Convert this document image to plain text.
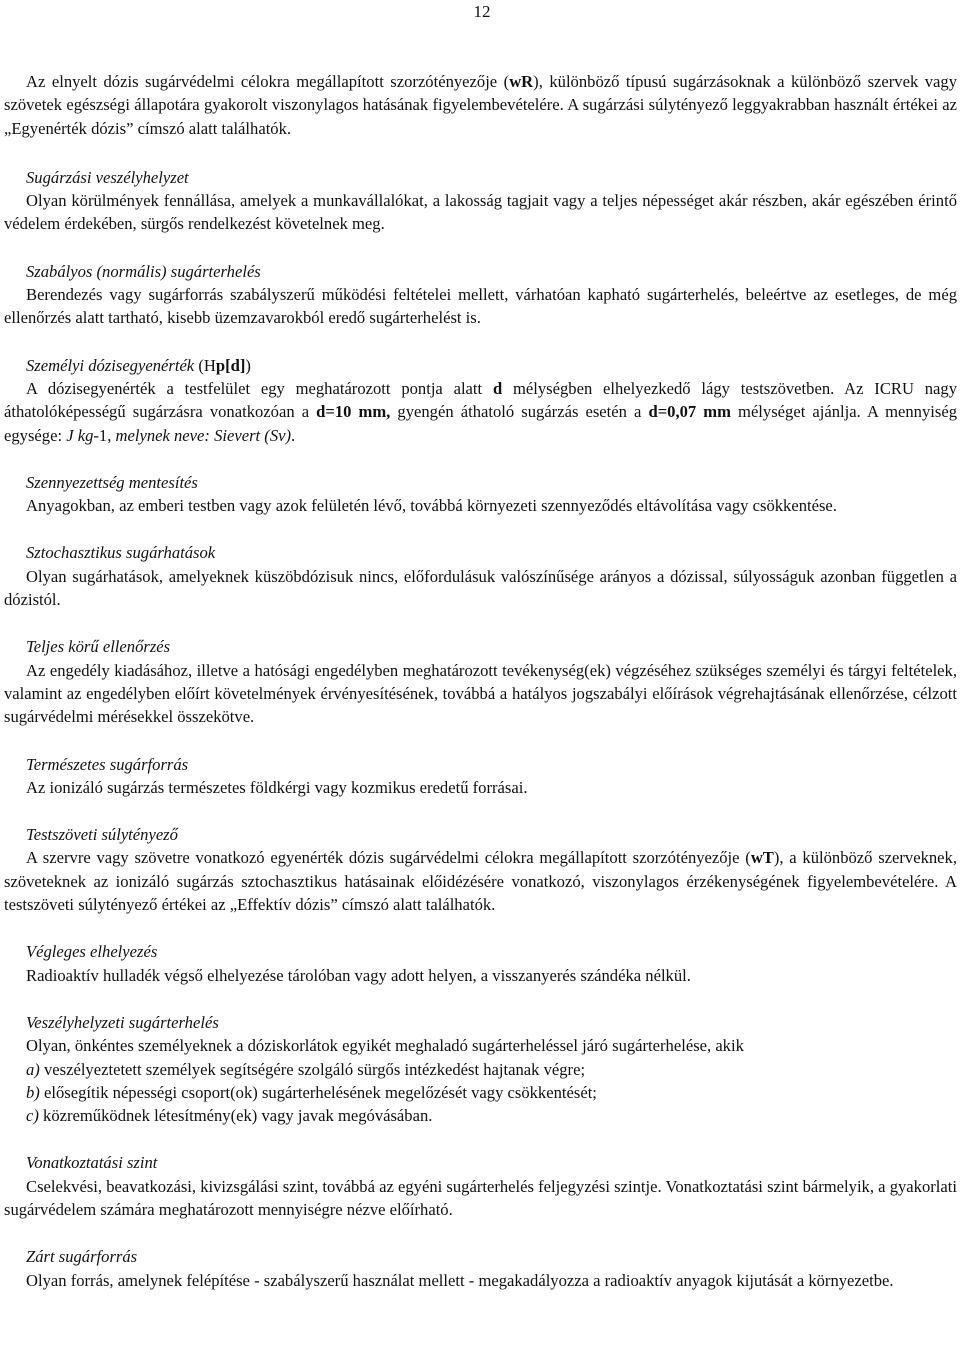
12

Az elnyelt dózis sugárvédelmi célokra megállapított szorzótényezője (wR), különböző típusú sugárzásoknak a különböző szervek vagy szövetek egészségi állapotára gyakorolt viszonylagos hatásának figyelembevételére. A sugárzási súlytényező leggyakrabban használt értékei az „Egyenérték dózis” címszó alatt találhatók.

Sugárzási veszélyhelyzet

Olyan körülmények fennállása, amelyek a munkavállalókat, a lakosság tagjait vagy a teljes népességet akár részben, akár egészében érintő védelem érdekében, sürgős rendelkezést követelnek meg.

Szabályos (normális) sugárterhelés

Berendezés vagy sugárforrás szabályszerű működési feltételei mellett, várhatóan kapható sugárterhelés, beleértve az esetleges, de még ellenőrzés alatt tartható, kisebb üzemzavarokból eredő sugárterhelést is.

Személyi dózisegyenérték (Hp[d])

A dózisegyenérték a testfelület egy meghatározott pontja alatt d mélységben elhelyezkedő lágy testszövetben. Az ICRU nagy áthatolóképességű sugárzásra vonatkozóan a d=10 mm, gyengén áthatoló sugárzás esetén a d=0,07 mm mélységet ajánlja. A mennyiség egysége: J kg-1, melynek neve: Sievert (Sv).

Szennyezettség mentesítés

Anyagokban, az emberi testben vagy azok felületén lévő, továbbá környezeti szennyeződés eltávolítása vagy csökkentése.

Sztochasztikus sugárhatások

Olyan sugárhatások, amelyeknek küszöbdózisuk nincs, előfordulásuk valószínűsége arányos a dózissal, súlyosságuk azonban független a dózistól.

Teljes körű ellenőrzés

Az engedély kiadásához, illetve a hatósági engedélyben meghatározott tevékenység(ek) végzéséhez szükséges személyi és tárgyi feltételek, valamint az engedélyben előírt követelmények érvényesítésének, továbbá a hatályos jogszabályi előírások végrehajtásának ellenőrzése, célzott sugárvédelmi mérésekkel összekötve.

Természetes sugárforrás

Az ionizáló sugárzás természetes földkérgi vagy kozmikus eredetű forrásai.

Testszöveti súlytényező

A szervre vagy szövetre vonatkozó egyenérték dózis sugárvédelmi célokra megállapított szorzótényezője (wT), a különböző szerveknek, szöveteknek az ionizáló sugárzás sztochasztikus hatásainak előidézésére vonatkozó, viszonylagos érzékenységének figyelembevételére. A testszöveti súlytényező értékei az „Effektív dózis” címszó alatt találhatók.

Végleges elhelyezés

Radioaktív hulladék végső elhelyezése tárolóban vagy adott helyen, a visszanyerés szándéka nélkül.

Veszélyhelyzeti sugárterhelés

Olyan, önkéntes személyeknek a dóziskorlátok egyikét meghaladó sugárterheléssel járó sugárterhelése, akik

a) veszélyeztetett személyek segítségére szolgáló sürgős intézkedést hajtanak végre;

b) elősegítik népességi csoport(ok) sugárterhelésének megelőzését vagy csökkentését;

c) közreműködnek létesítmény(ek) vagy javak megóvásában.

Vonatkoztatási szint

Cselekvési, beavatkozási, kivizsgálási szint, továbbá az egyéni sugárterhelés feljegyzési szintje. Vonatkoztatási szint bármelyik, a gyakorlati sugárvédelem számára meghatározott mennyiségre nézve előírható.

Zárt sugárforrás

Olyan forrás, amelynek felépítése - szabályszerű használat mellett - megakadályozza a radioaktív anyagok kijutását a környezetbe.
